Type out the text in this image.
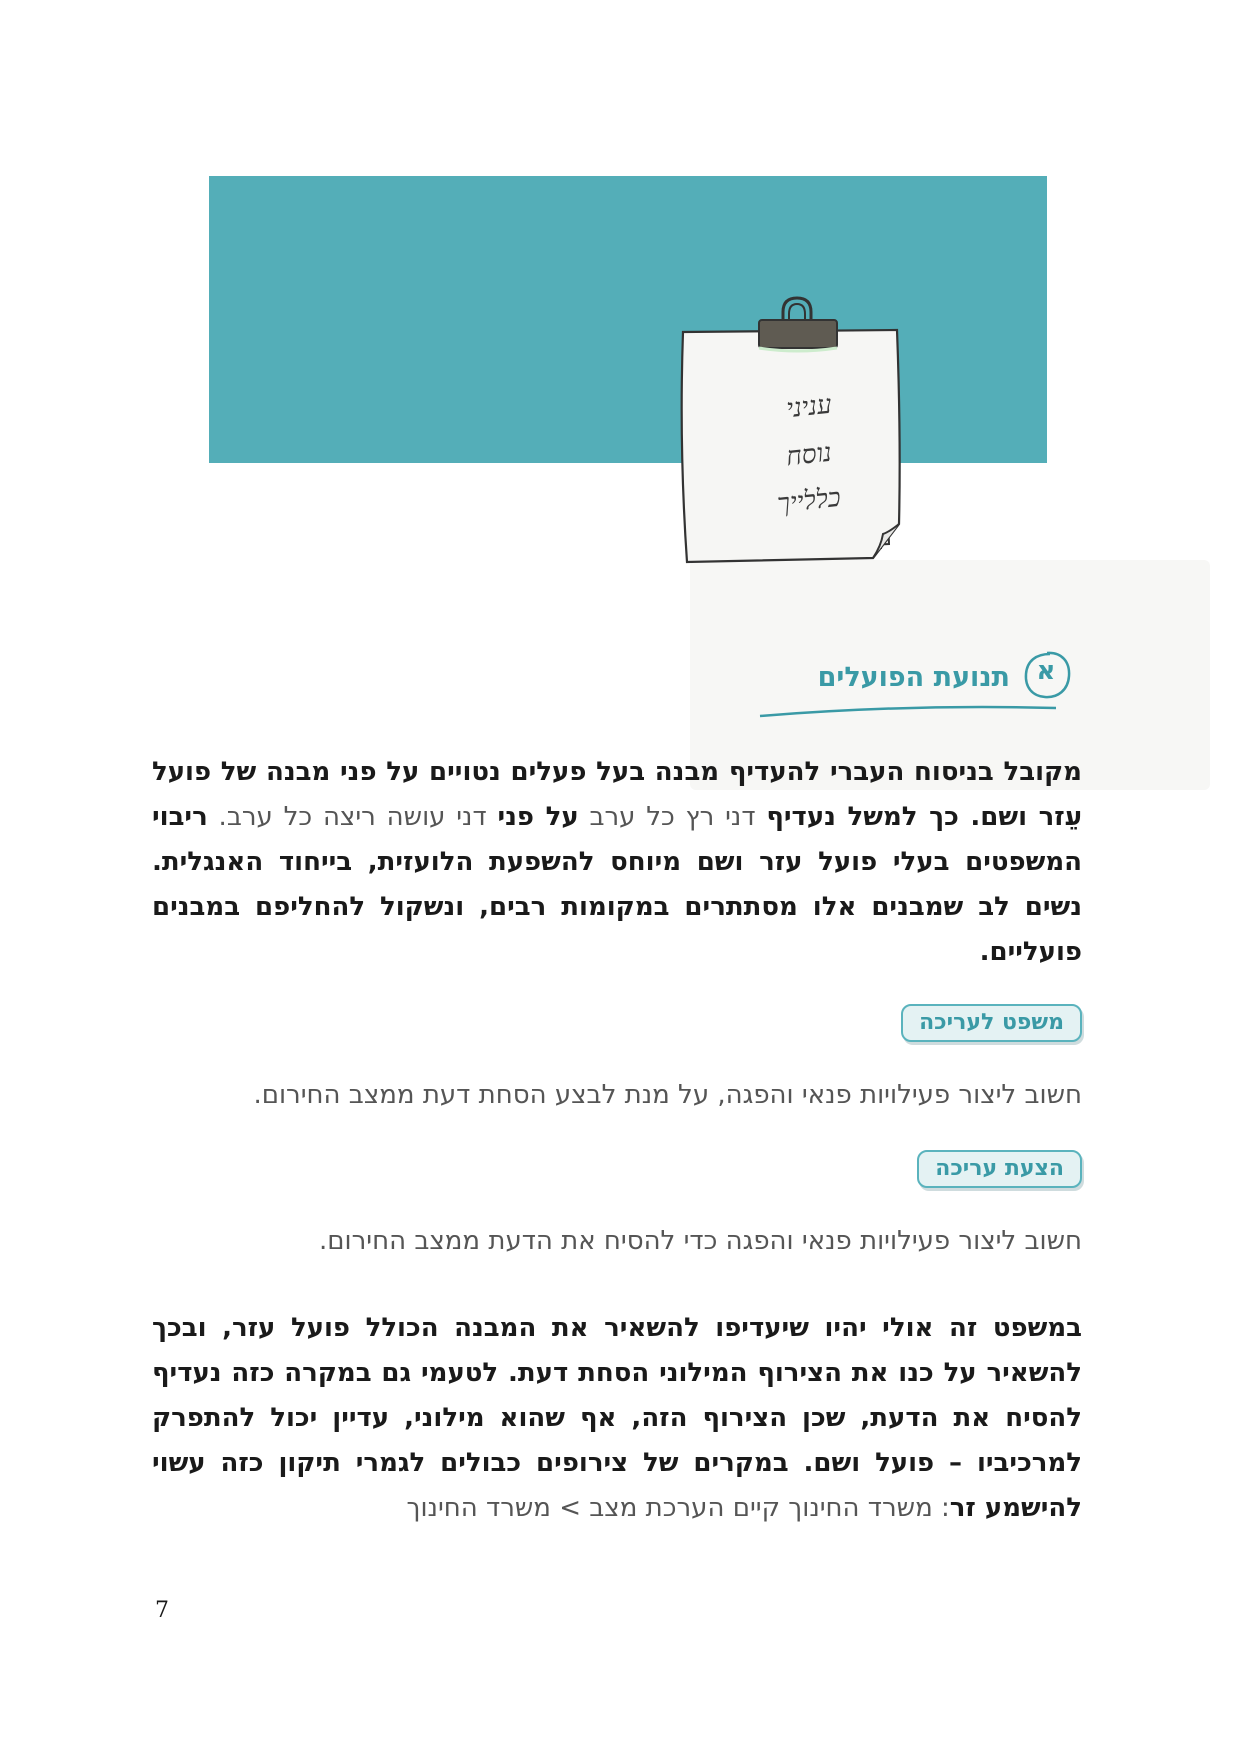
עניני
נוסח
כללייך
א
תנועת הפועלים

מקובל בניסוח העברי להעדיף מבנה בעל פעלים נטויים על פני מבנה של פועל עֵזר ושם. כך למשל נעדיף דני רץ כל ערב על פני דני עושה ריצה כל ערב. ריבוי המשפטים בעלי פועל עזר ושם מיוחס להשפעת הלועזית, בייחוד האנגלית. נשים לב שמבנים אלו מסתתרים במקומות רבים, ונשקול להחליפם במבנים פועליים.

משפט לעריכה

חשוב ליצור פעילויות פנאי והפגה, על מנת לבצע הסחת דעת ממצב החירום.

הצעת עריכה

חשוב ליצור פעילויות פנאי והפגה כדי להסיח את הדעת ממצב החירום.

במשפט זה אולי יהיו שיעדיפו להשאיר את המבנה הכולל פועל עזר, ובכך להשאיר על כנו את הצירוף המילוני הסחת דעת. לטעמי גם במקרה כזה נעדיף להסיח את הדעת, שכן הצירוף הזה, אף שהוא מילוני, עדיין יכול להתפרק למרכיביו – פועל ושם. במקרים של צירופים כבולים לגמרי תיקון כזה עשוי להישמע זר: משרד החינוך קיים הערכת מצב > משרד החינוך

7
